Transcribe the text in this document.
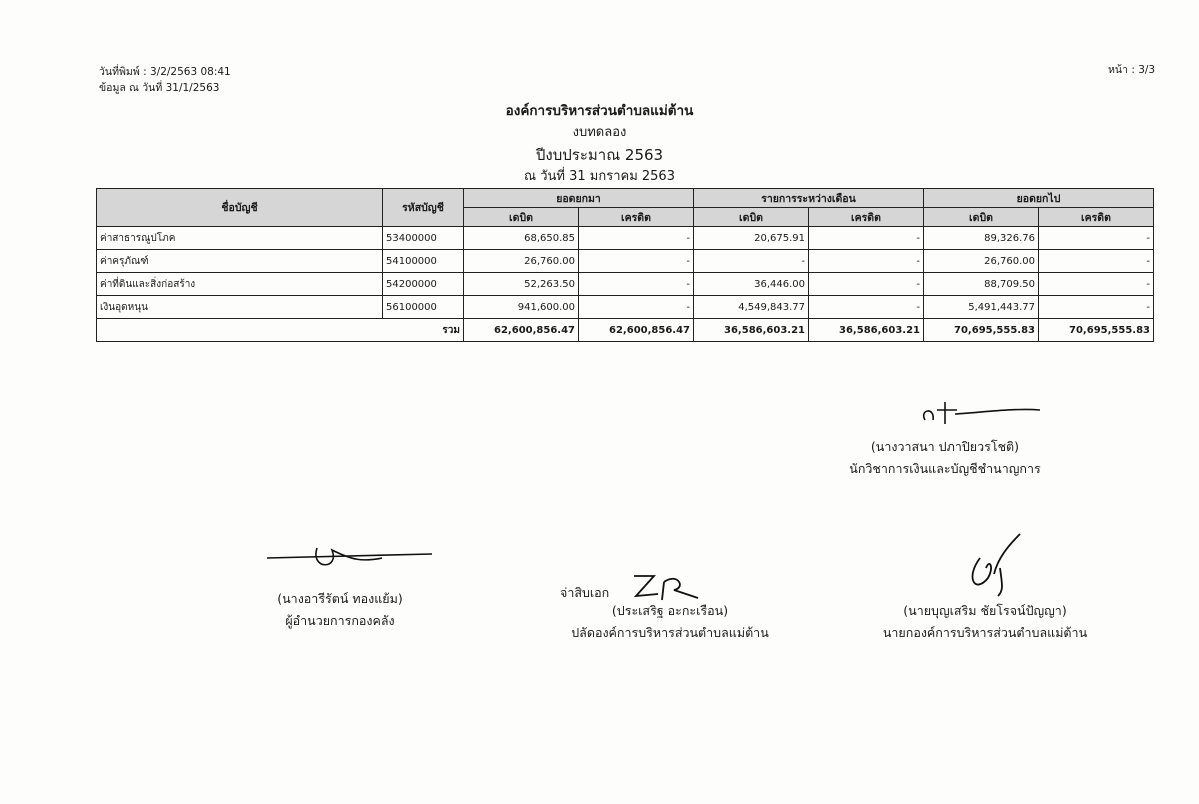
วันที่พิมพ์ : 3/2/2563 08:41
ข้อมูล ณ วันที่ 31/1/2563
หน้า : 3/3
องค์การบริหารส่วนตำบลแม่ต้าน
งบทดลอง
ปีงบประมาณ 2563
ณ วันที่ 31 มกราคม 2563
ชื่อบัญชี	รหัสบัญชี	ยอดยกมา		รายการระหว่างเดือน		ยอดยกไป	
		เดบิต	เครดิต	เดบิต	เครดิต	เดบิต	เครดิต
ค่าสาธารณูปโภค	53400000	68,650.85	-	20,675.91	-	89,326.76	-
ค่าครุภัณฑ์	54100000	26,760.00	-	-	-	26,760.00	-
ค่าที่ดินและสิ่งก่อสร้าง	54200000	52,263.50	-	36,446.00	-	88,709.50	-
เงินอุดหนุน	56100000	941,600.00	-	4,549,843.77	-	5,491,443.77	-
รวม		62,600,856.47	62,600,856.47	36,586,603.21	36,586,603.21	70,695,555.83	70,695,555.83
(นางวาสนา ปภาปิยวรโชติ)
นักวิชาการเงินและบัญชีชำนาญการ
(นางอารีรัตน์ ทองแย้ม)
ผู้อำนวยการกองคลัง
จ่าสิบเอก
(ประเสริฐ อะกะเรือน)
ปลัดองค์การบริหารส่วนตำบลแม่ต้าน
(นายบุญเสริม ชัยโรจน์ปัญญา)
นายกองค์การบริหารส่วนตำบลแม่ต้าน
